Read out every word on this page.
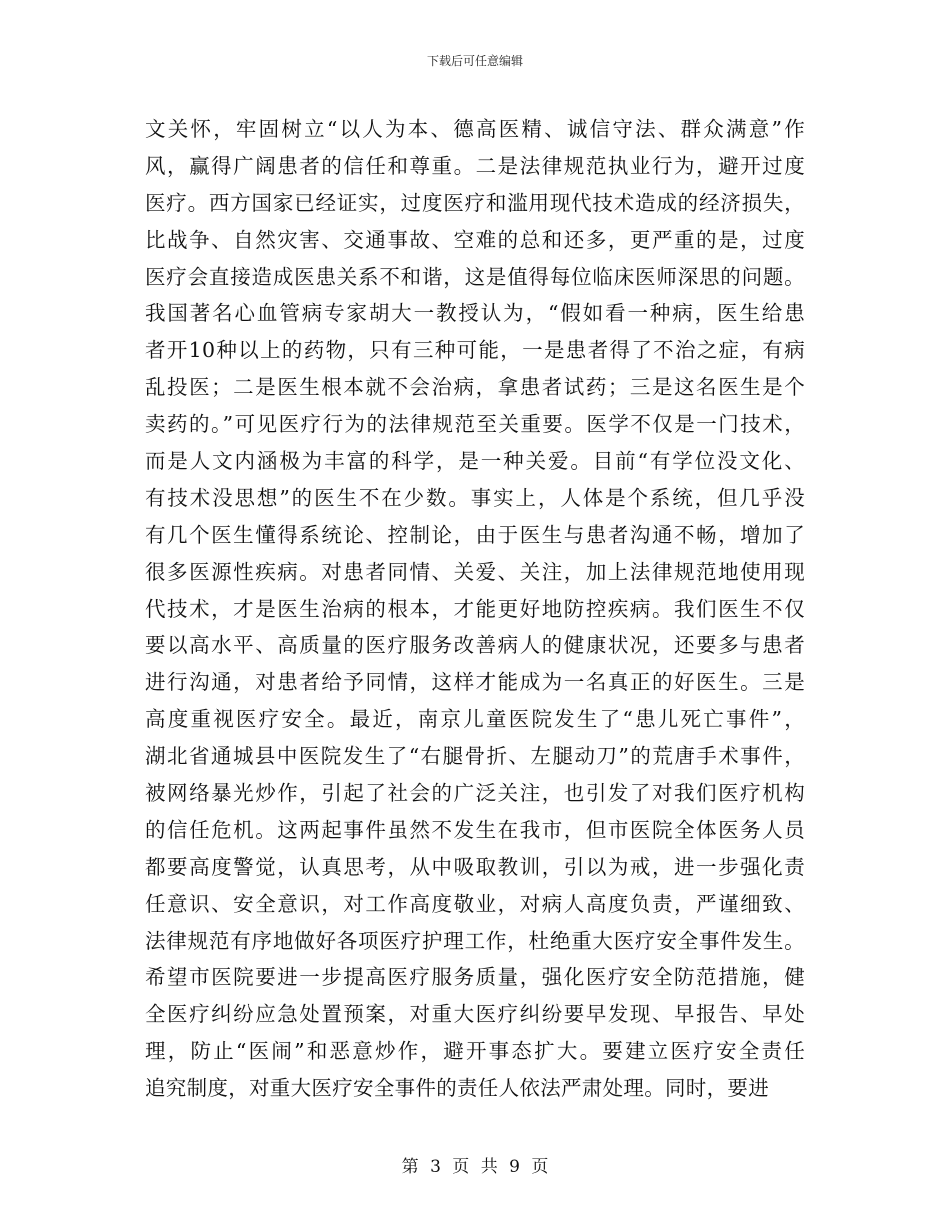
下载后可任意编辑
文关怀，牢固树立“以人为本、德高医精、诚信守法、群众满意”作
风，赢得广阔患者的信任和尊重。二是法律规范执业行为，避开过度
医疗。西方国家已经证实，过度医疗和滥用现代技术造成的经济损失，
比战争、自然灾害、交通事故、空难的总和还多，更严重的是，过度
医疗会直接造成医患关系不和谐，这是值得每位临床医师深思的问题。
我国著名心血管病专家胡大一教授认为，“假如看一种病，医生给患
者开10种以上的药物，只有三种可能，一是患者得了不治之症，有病
乱投医；二是医生根本就不会治病，拿患者试药；三是这名医生是个
卖药的。”可见医疗行为的法律规范至关重要。医学不仅是一门技术，
而是人文内涵极为丰富的科学，是一种关爱。目前“有学位没文化、
有技术没思想”的医生不在少数。事实上，人体是个系统，但几乎没
有几个医生懂得系统论、控制论，由于医生与患者沟通不畅，增加了
很多医源性疾病。对患者同情、关爱、关注，加上法律规范地使用现
代技术，才是医生治病的根本，才能更好地防控疾病。我们医生不仅
要以高水平、高质量的医疗服务改善病人的健康状况，还要多与患者
进行沟通，对患者给予同情，这样才能成为一名真正的好医生。三是
高度重视医疗安全。最近，南京儿童医院发生了“患儿死亡事件”，
湖北省通城县中医院发生了“右腿骨折、左腿动刀”的荒唐手术事件，
被网络暴光炒作，引起了社会的广泛关注，也引发了对我们医疗机构
的信任危机。这两起事件虽然不发生在我市，但市医院全体医务人员
都要高度警觉，认真思考，从中吸取教训，引以为戒，进一步强化责
任意识、安全意识，对工作高度敬业，对病人高度负责，严谨细致、
法律规范有序地做好各项医疗护理工作，杜绝重大医疗安全事件发生。
希望市医院要进一步提高医疗服务质量，强化医疗安全防范措施，健
全医疗纠纷应急处置预案，对重大医疗纠纷要早发现、早报告、早处
理，防止“医闹”和恶意炒作，避开事态扩大。要建立医疗安全责任
追究制度，对重大医疗安全事件的责任人依法严肃处理。同时，要进
第 3 页 共 9 页
